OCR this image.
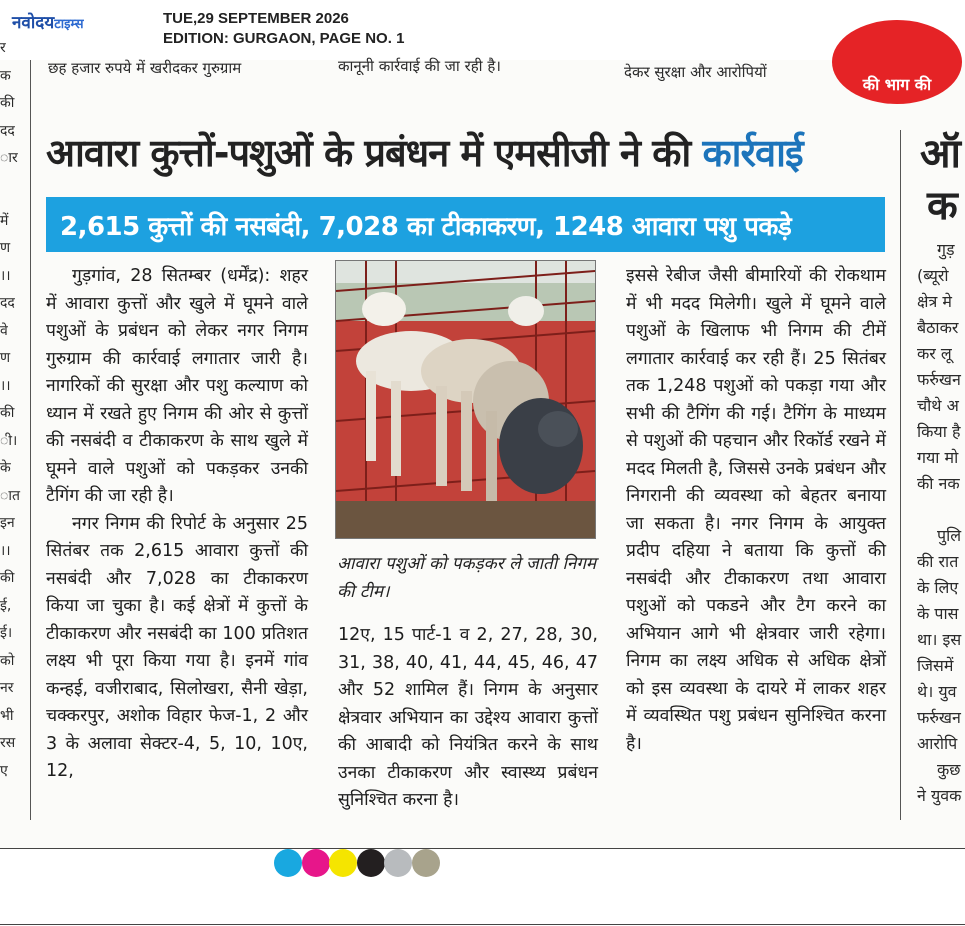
नवोदयटाइम्स	TUE,29 SEPTEMBER 2026
EDITION: GURGAON, PAGE NO. 1
छह हजार रुपये में खरीदकर गुरुग्राम	कानूनी कार्रवाई की जा रही है।	देकर सुरक्षा और आरोपियों
की भाग की
र
क
की
दद
ार
में
ण
।।
दद
वे
ण
।।
की
ी।
के
ात
इन
।।
की
ई,
ई।
को
नर
भी
रस
ए
आवारा कुत्तों-पशुओं के प्रबंधन में एमसीजी ने की कार्रवाई
2,615 कुत्तों की नसबंदी, 7,028 का टीकाकरण, 1248 आवारा पशु पकड़े

गुड़गांव, 28 सितम्बर (धर्मेंद्र): शहर में आवारा कुत्तों और खुले में घूमने वाले पशुओं के प्रबंधन को लेकर नगर निगम गुरुग्राम की कार्रवाई लगातार जारी है। नागरिकों की सुरक्षा और पशु कल्याण को ध्यान में रखते हुए निगम की ओर से कुत्तों की नसबंदी व टीकाकरण के साथ खुले में घूमने वाले पशुओं को पकड़कर उनकी टैगिंग की जा रही है।

नगर निगम की रिपोर्ट के अनुसार 25 सितंबर तक 2,615 आवारा कुत्तों की नसबंदी और 7,028 का टीकाकरण किया जा चुका है। कई क्षेत्रों में कुत्तों के टीकाकरण और नसबंदी का 100 प्रतिशत लक्ष्य भी पूरा किया गया है। इनमें गांव कन्हई, वजीराबाद, सिलोखरा, सैनी खेड़ा, चक्करपुर, अशोक विहार फेज-1, 2 और 3 के अलावा सेक्टर-4, 5, 10, 10ए, 12,

आवारा पशुओं को पकड़कर ले जाती निगम की टीम।

12ए, 15 पार्ट-1 व 2, 27, 28, 30, 31, 38, 40, 41, 44, 45, 46, 47 और 52 शामिल हैं। निगम के अनुसार क्षेत्रवार अभियान का उद्देश्य आवारा कुत्तों की आबादी को नियंत्रित करने के साथ उनका टीकाकरण और स्वास्थ्य प्रबंधन सुनिश्चित करना है।

इससे रेबीज जैसी बीमारियों की रोकथाम में भी मदद मिलेगी। खुले में घूमने वाले पशुओं के खिलाफ भी निगम की टीमें लगातार कार्रवाई कर रही हैं। 25 सितंबर तक 1,248 पशुओं को पकड़ा गया और सभी की टैगिंग की गई। टैगिंग के माध्यम से पशुओं की पहचान और रिकॉर्ड रखने में मदद मिलती है, जिससे उनके प्रबंधन और निगरानी की व्यवस्था को बेहतर बनाया जा सकता है। नगर निगम के आयुक्त प्रदीप दहिया ने बताया कि कुत्तों की नसबंदी और टीकाकरण तथा आवारा पशुओं को पकडने और टैग करने का अभियान आगे भी क्षेत्रवार जारी रहेगा। निगम का लक्ष्य अधिक से अधिक क्षेत्रों को इस व्यवस्था के दायरे में लाकर शहर में व्यवस्थित पशु प्रबंधन सुनिश्चित करना है।

ऑ
क
गुड़
(ब्यूरो
क्षेत्र मे
बैठाकर
कर लू
फर्रुखन
चौथे अ
किया है
गया मो
की नक
पुलि
की रात
के लिए
के पास
था। इस
जिसमें
थे। युव
फर्रुखन
आरोपि
कुछ
ने युवक
